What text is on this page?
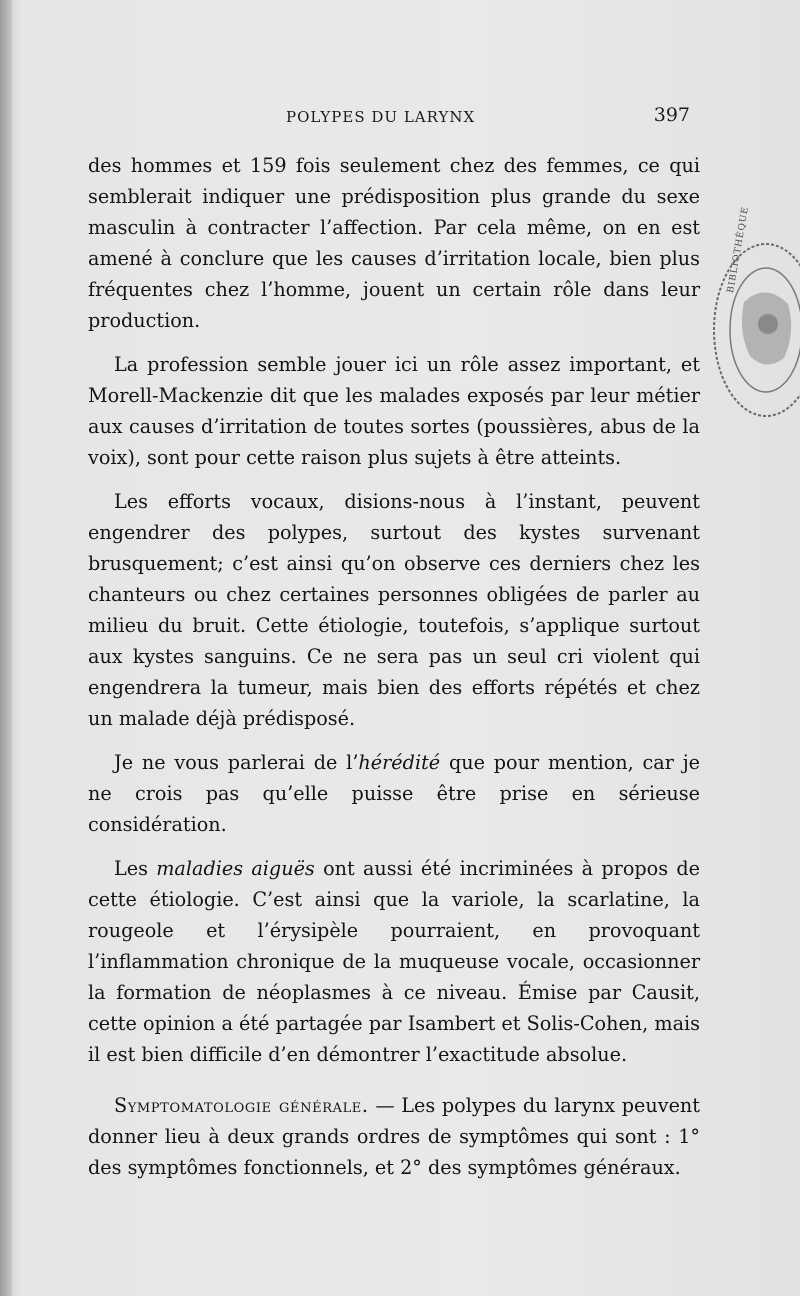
POLYPES DU LARYNX	397

des hommes et 159 fois seulement chez des femmes, ce qui semblerait indiquer une prédisposition plus grande du sexe masculin à contracter l’affection. Par cela même, on en est amené à conclure que les causes d’irritation locale, bien plus fréquentes chez l’homme, jouent un certain rôle dans leur production.

La profession semble jouer ici un rôle assez important, et Morell-Mackenzie dit que les malades exposés par leur métier aux causes d’irritation de toutes sortes (poussières, abus de la voix), sont pour cette raison plus sujets à être atteints.

Les efforts vocaux, disions-nous à l’instant, peuvent engendrer des polypes, surtout des kystes survenant brusquement; c’est ainsi qu’on observe ces derniers chez les chanteurs ou chez certaines personnes obligées de parler au milieu du bruit. Cette étiologie, toutefois, s’applique surtout aux kystes sanguins. Ce ne sera pas un seul cri violent qui engendrera la tumeur, mais bien des efforts répétés et chez un malade déjà prédisposé.

Je ne vous parlerai de l’hérédité que pour mention, car je ne crois pas qu’elle puisse être prise en sérieuse considération.

Les maladies aiguës ont aussi été incriminées à propos de cette étiologie. C’est ainsi que la variole, la scarlatine, la rougeole et l’érysipèle pourraient, en provoquant l’inflammation chronique de la muqueuse vocale, occasionner la formation de néoplasmes à ce niveau. Émise par Causit, cette opinion a été partagée par Isambert et Solis-Cohen, mais il est bien difficile d’en démontrer l’exactitude absolue.

Symptomatologie générale. — Les polypes du larynx peuvent donner lieu à deux grands ordres de symptômes qui sont : 1° des symptômes fonctionnels, et 2° des symptômes généraux.

BIBLIOTHÈQUE
